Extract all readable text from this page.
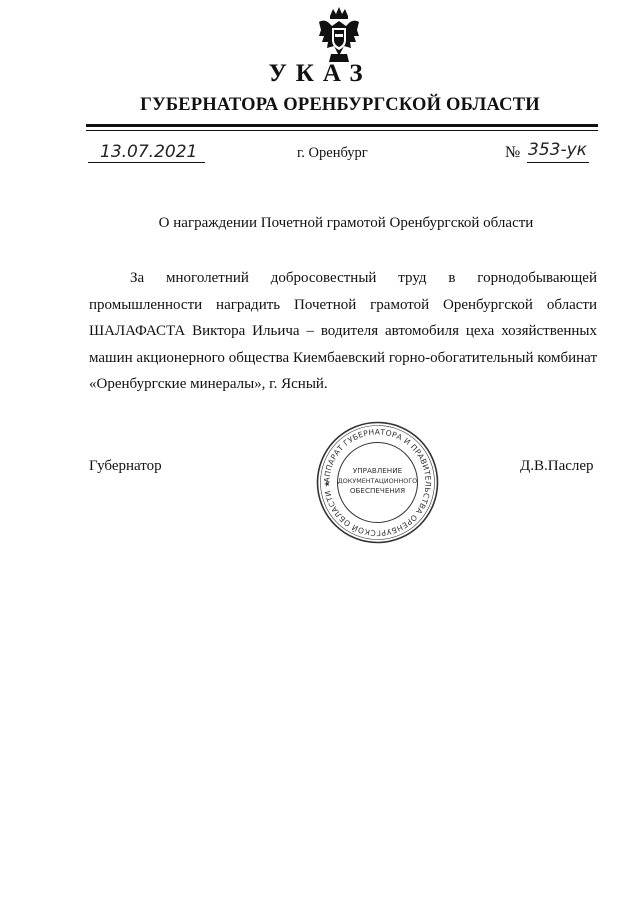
УКАЗ
ГУБЕРНАТОРА ОРЕНБУРГСКОЙ ОБЛАСТИ
13.07.2021	г. Оренбург	№ 353-ук
О награждении Почетной грамотой Оренбургской области
За многолетний добросовестный труд в горнодобывающей промышленности наградить Почетной грамотой Оренбургской области ШАЛАФАСТА Виктора Ильича – водителя автомобиля цеха хозяйственных машин акционерного общества Киембаевский горно-обогатительный комбинат «Оренбургские минералы», г. Ясный.
Губернатор	Д.В.Паслер
АППАРАТ ГУБЕРНАТОРА И ПРАВИТЕЛЬСТВА ОРЕНБУРГСКОЙ ОБЛАСТИ ★
УПРАВЛЕНИЕ
ДОКУМЕНТАЦИОННОГО
ОБЕСПЕЧЕНИЯ
